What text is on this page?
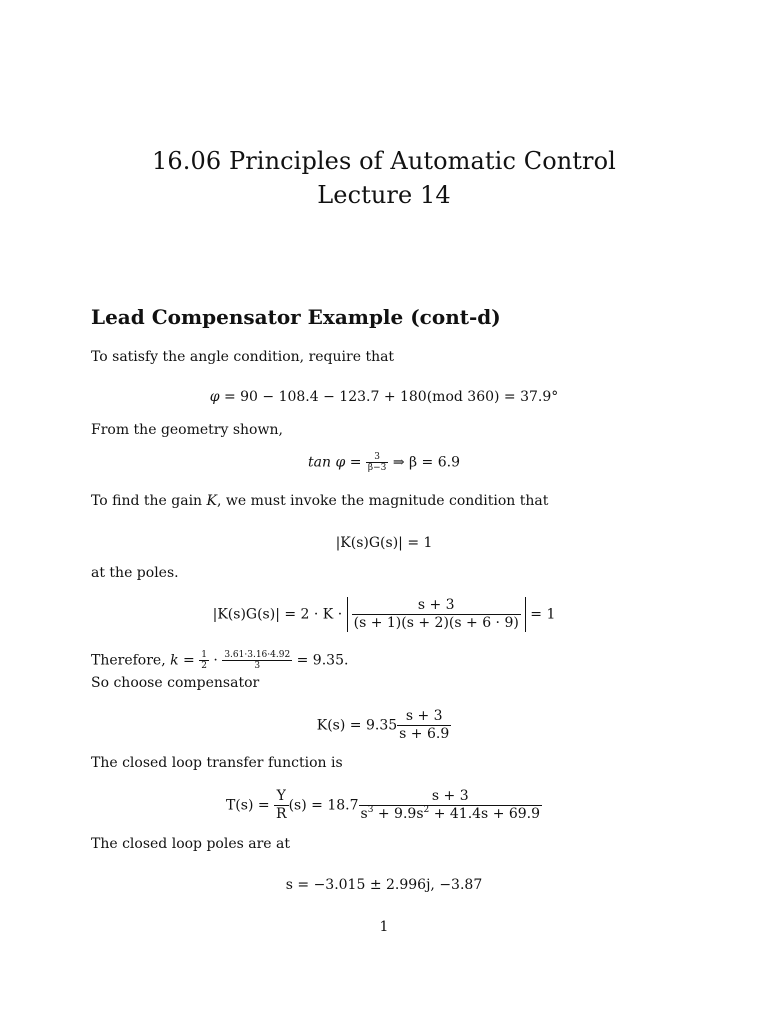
16.06 Principles of Automatic Control
Lecture 14
Lead Compensator Example (cont-d)
To satisfy the angle condition, require that
φ = 90 − 108.4 − 123.7 + 180(mod 360) = 37.9°
From the geometry shown,
$\tan \varphi = \frac{3}{\beta-3}$ ⇒ β = 6.9
To find the gain K, we must invoke the magnitude condition that
|K(s)G(s)| = 1
at the poles.
$|K(s)G(s)| = 2 \cdot K \cdot \frac{s + 3}{(s + 1)(s + 2)(s + 6 \cdot 9)} = 1$
Therefore, $k = \frac{1}{2} \cdot \frac{3.61\cdot 3.16\cdot 4.92}{3} = 9.35$.
So choose compensator
$K(s) = 9.35 \frac{s + 3}{s + 6.9}$
The closed loop transfer function is
$T(s) = \frac{Y}{R} (s) = 18.7 \frac{s + 3}{s^3 + 9.9s^2 + 41.4s + 69.9}$
The closed loop poles are at
s = −3.015 ± 2.996j, −3.87
1
